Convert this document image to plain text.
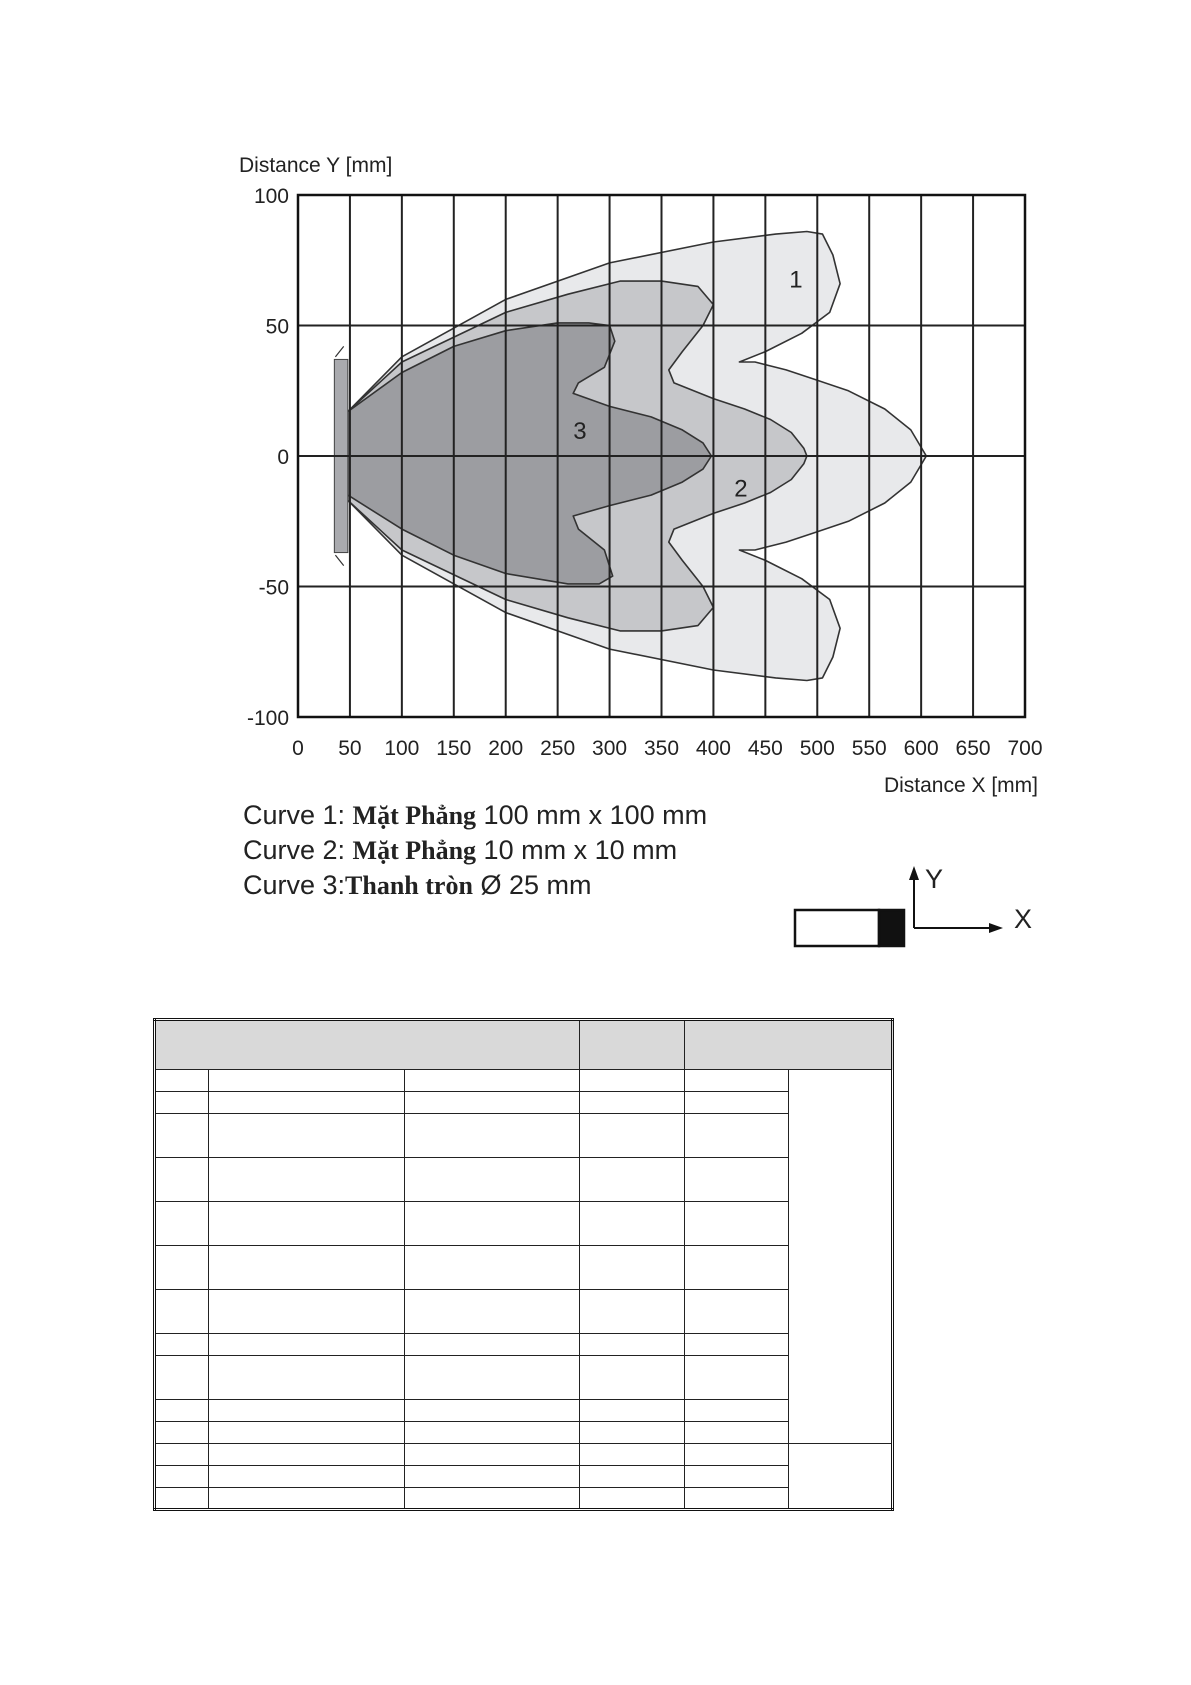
1
2
3
0 50 100 150 200 250 300 350 400 450 500 550 600 650 700
100
50
0
-50
-100
Distance Y [mm]
Distance X [mm]
Y
X
Curve 1: Mặt Phẳng 100 mm x 100 mm
Curve 2: Mặt Phẳng 10 mm x 10 mm
Curve 3:Thanh tròn Ø 25 mm
